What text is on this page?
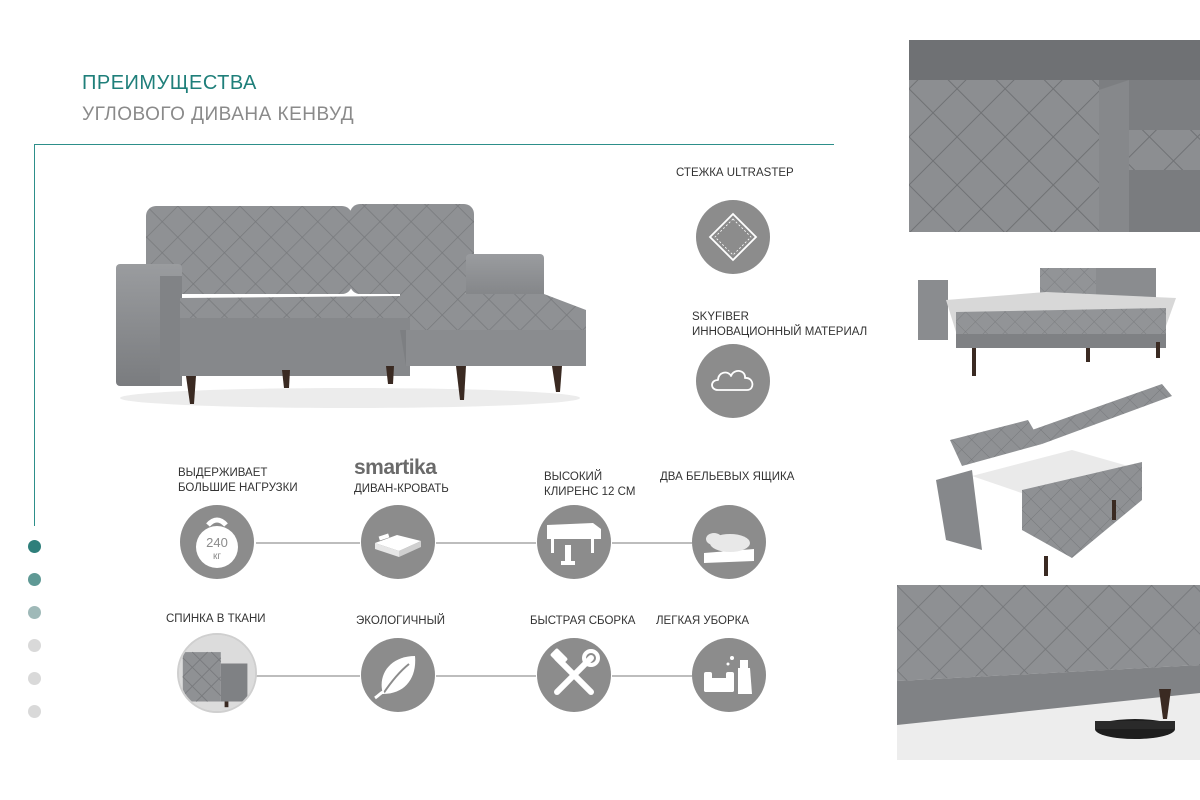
ПРЕИМУЩЕСТВА
УГЛОВОГО ДИВАНА КЕНВУД
СТЕЖКА ULTRASTEP
SKYFIBER
ИННОВАЦИОННЫЙ МАТЕРИАЛ
ВЫДЕРЖИВАЕТ
БОЛЬШИЕ НАГРУЗКИ
smartika
ДИВАН-КРОВАТЬ
ВЫСОКИЙ
КЛИРЕНС 12 СМ
ДВА БЕЛЬЕВЫХ ЯЩИКА
240
кг
СПИНКА В ТКАНИ	ЭКОЛОГИЧНЫЙ	БЫСТРАЯ СБОРКА ЛЕГКАЯ УБОРКА
